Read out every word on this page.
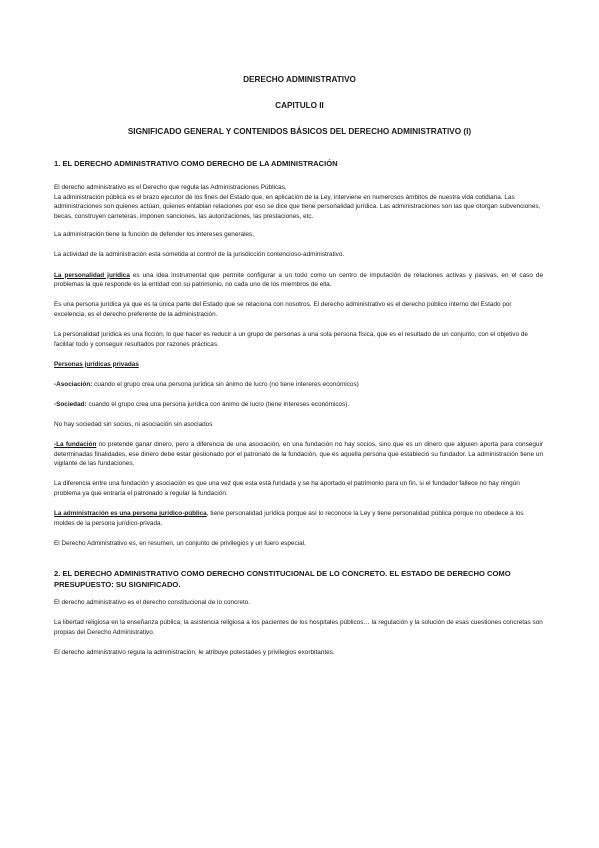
DERECHO ADMINISTRATIVO
CAPITULO II
SIGNIFICADO GENERAL Y CONTENIDOS BÁSICOS DEL DERECHO ADMINISTRATIVO (I)
1. EL DERECHO ADMINISTRATIVO COMO DERECHO DE LA ADMINISTRACIÓN

El derecho administrativo es el Derecho que regula las Administraciones Públicas.
La administración pública es el brazo ejecutor de los fines del Estado que, en aplicación de la Ley, interviene en numerosos ámbitos de nuestra vida cotidiana. Las administraciones son quienes actúan, quienes entablan relaciones por eso se dice que tiene personalidad jurídica. Las administraciones son las que otorgan subvenciones, becas, construyen carreteras, imponen sanciones, las autorizaciones, las prestaciones, etc.

La administración tiene la función de defender los intereses generales.

La actividad de la administración esta sometida al control de la jurisdicción contencioso-administrativo.

La personalidad jurídica es una idea instrumental que permite configurar a un todo como un centro de imputación de relaciones activas y pasivas, en el caso de problemas la que responde es la entidad con su patrimonio, no cada uno de los miembros de ella.

Es una persona jurídica ya que es la única parte del Estado que se relaciona con nosotros. El derecho administrativo es el derecho público interno del Estado por excelencia, es el derecho preferente de la administración.

La personalidad jurídica es una ficción, lo que hacer es reducir a un grupo de personas a una sola persona física, que es el resultado de un conjunto, con el objetivo de facilitar todo y conseguir resultados por razones prácticas.

Personas jurídicas privadas

-Asociación: cuando el grupo crea una persona jurídica sin ánimo de lucro (no tiene intereres económicos)

-Sociedad: cuando el grupo crea una persona jurídica con ánimo de lucro (tiene intereses económicos).

No hay sociedad sin socios, ni asociación sin asociados

-La fundación no pretende ganar dinero, pero a diferencia de una asociación, en una fundación no hay socios, sino que es un dinero que alguien aporta para conseguir determinadas finalidades, ese dinero debe estar gestionado por el patronato de la fundación, que es aquella persona que estableció su fundador. La administración tiene un vigilante de las fundaciones.

La diferencia entre una fundación y asociación es que una vez que esta está fundada y se ha aportado el patrimonio para un fin, si el fundador fallece no hay ningún problema ya que entraría el patronado a regular la fundación.

La administración es una persona jurídico-pública, tiene personalidad jurídica porque así lo reconoce la Ley y tiene personalidad pública porque no obedece a los moldes de la persona jurídico-privada.

El Derecho Administrativo es, en resumen, un conjunto de privilegios y un fuero especial,

2. EL DERECHO ADMINISTRATIVO COMO DERECHO CONSTITUCIONAL DE LO CONCRETO. EL ESTADO DE DERECHO COMO PRESUPUESTO: SU SIGNIFICADO.

El derecho administrativo es el derecho constitucional de lo concreto.

La libertad religiosa en la enseñanza pública, la asistencia religiosa a los pacientes de los hospitales públicos… la regulación y la solución de esas cuestiones concretas son propias del Derecho Administrativo.

El derecho administrativo regula la administración, le atribuye potestades y privilegios exorbitantes.
